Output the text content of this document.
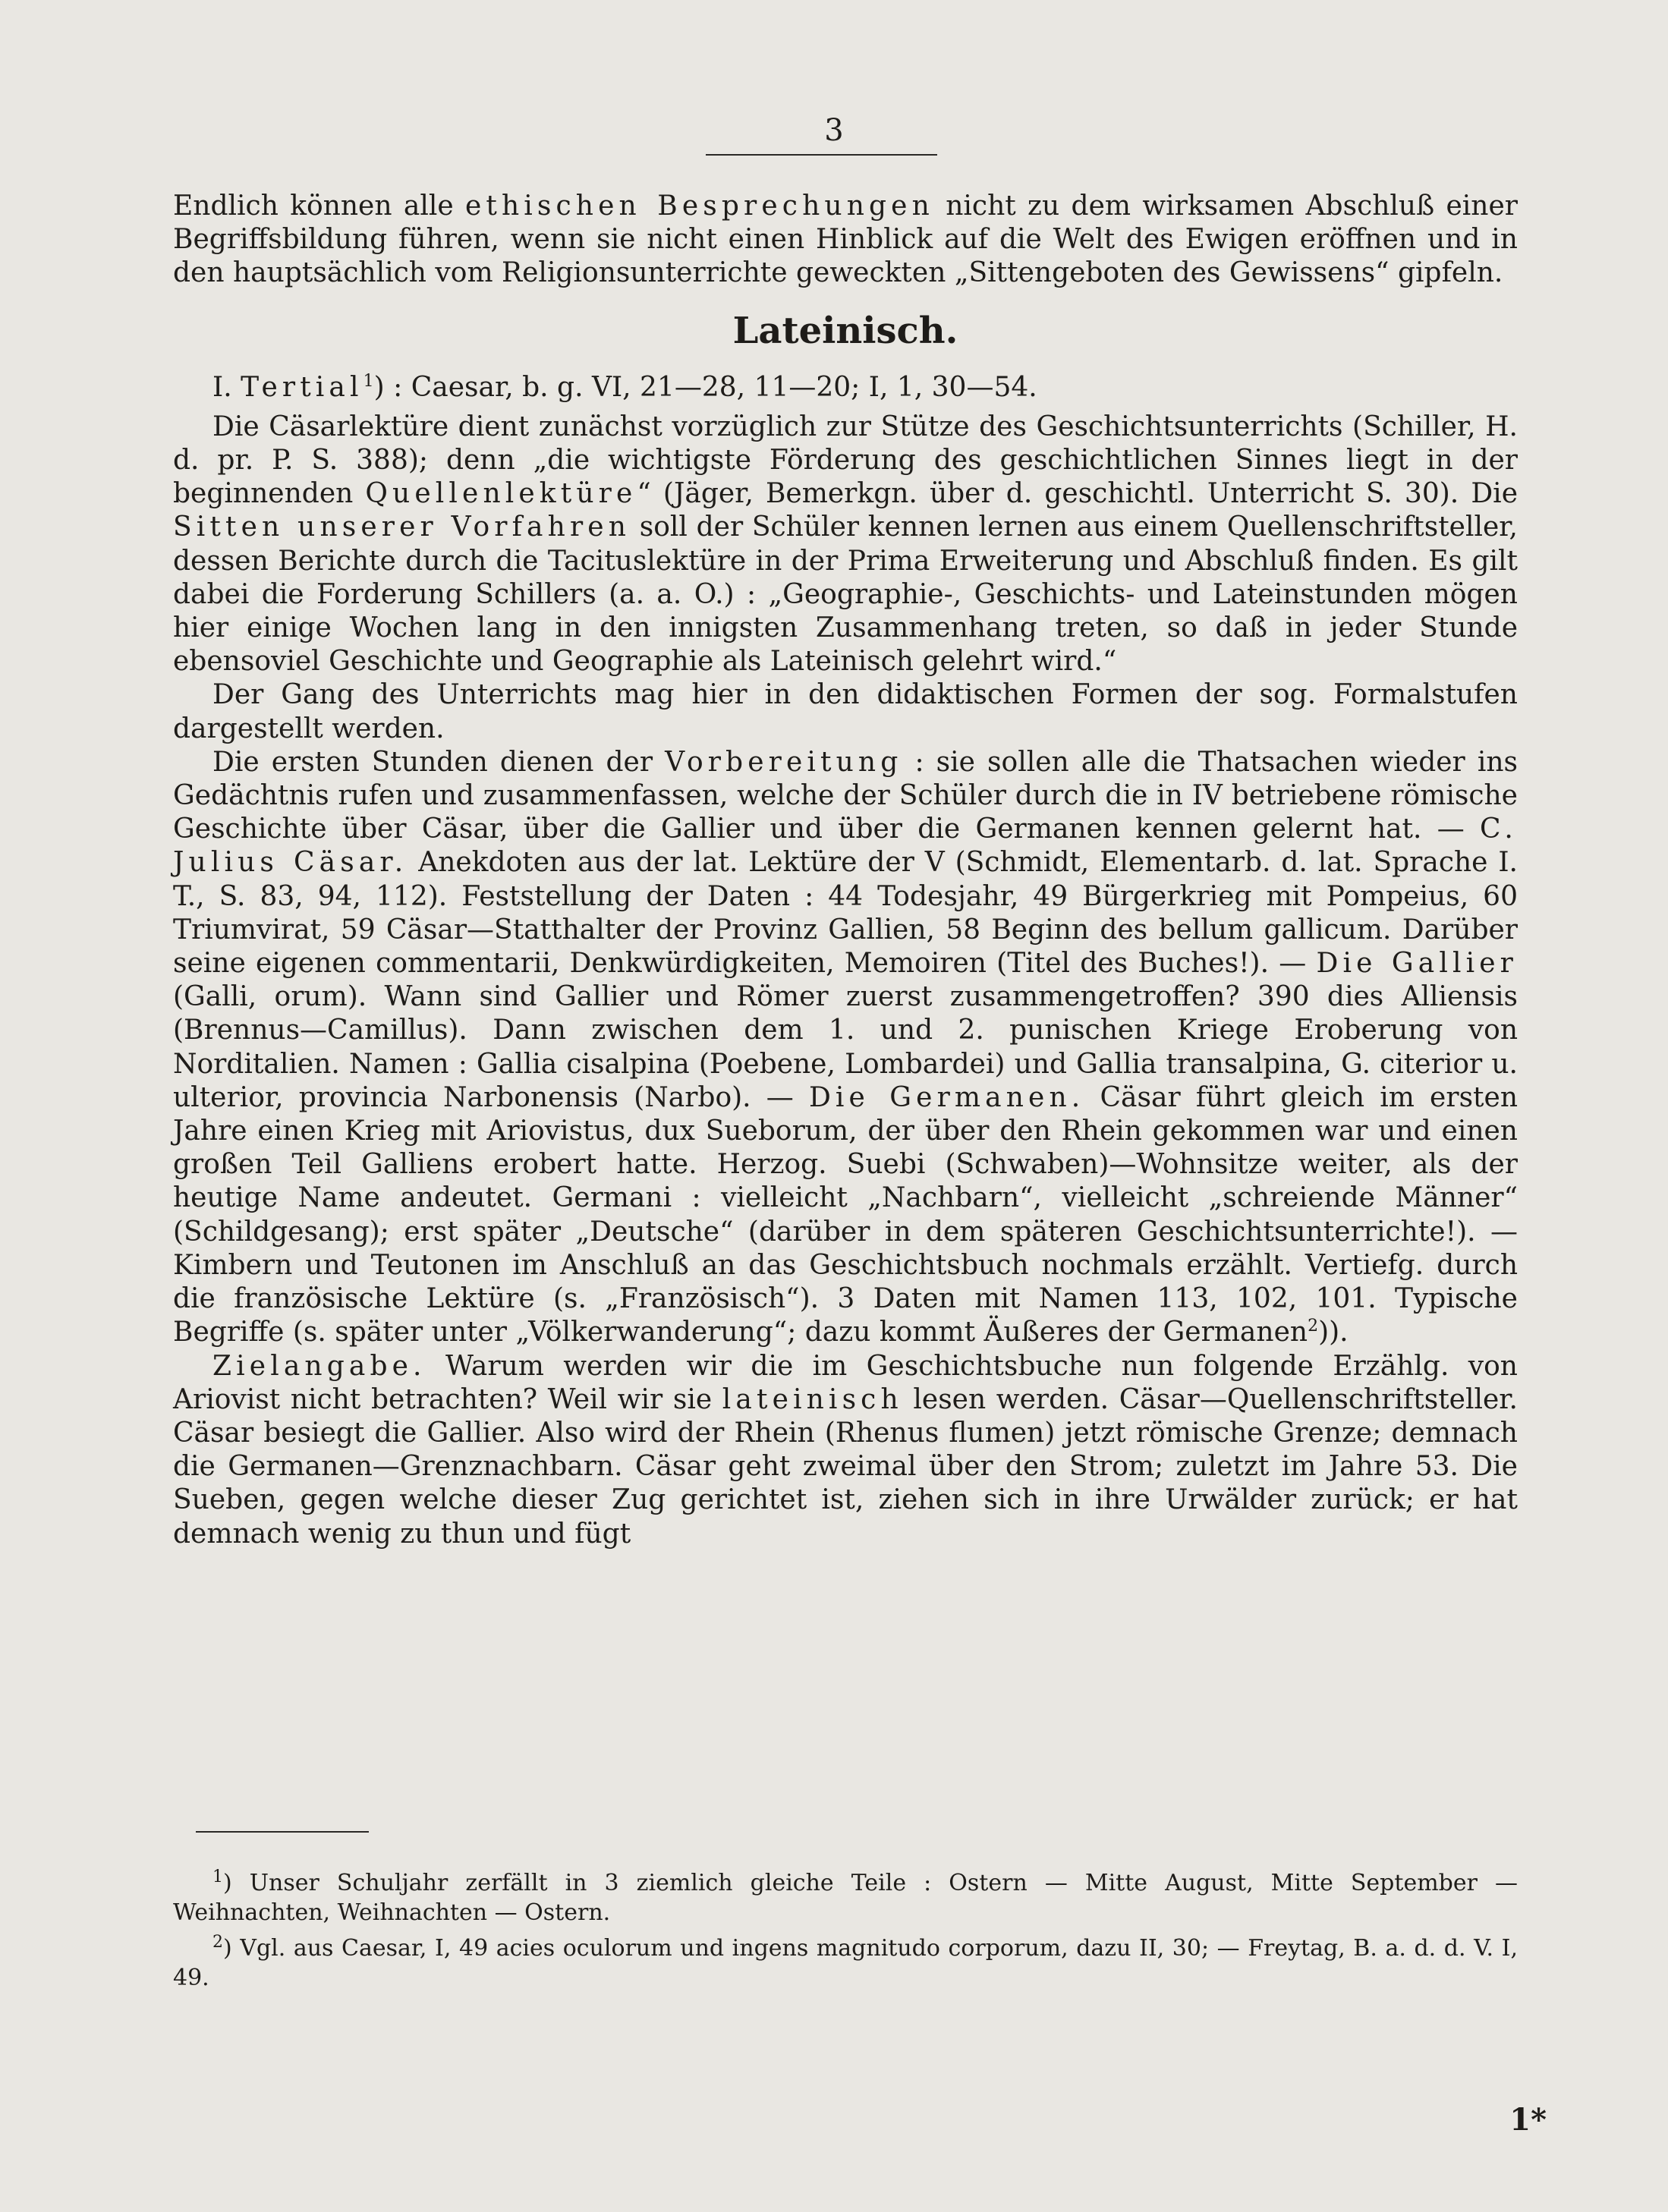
3

Endlich können alle ethischen Besprechungen nicht zu dem wirksamen Abschluß einer Begriffsbildung führen, wenn sie nicht einen Hinblick auf die Welt des Ewigen eröffnen und in den hauptsächlich vom Religionsunterrichte geweckten „Sittengeboten des Gewissens“ gipfeln.

Lateinisch.

I. Tertial$^1$) : Caesar, b. g. VI, 21—28, 11—20; I, 1, 30—54.

Die Cäsarlektüre dient zunächst vorzüglich zur Stütze des Geschichtsunterrichts (Schiller, H. d. pr. P. S. 388); denn „die wichtigste Förderung des geschichtlichen Sinnes liegt in der beginnenden Quellenlektüre“ (Jäger, Bemerkgn. über d. geschichtl. Unterricht S. 30). Die Sitten unserer Vorfahren soll der Schüler kennen lernen aus einem Quellenschriftsteller, dessen Berichte durch die Tacituslektüre in der Prima Erweiterung und Abschluß finden. Es gilt dabei die Forderung Schillers (a. a. O.) : „Geographie-, Geschichts- und Lateinstunden mögen hier einige Wochen lang in den innigsten Zusammenhang treten, so daß in jeder Stunde ebensoviel Geschichte und Geographie als Lateinisch gelehrt wird.“

Der Gang des Unterrichts mag hier in den didaktischen Formen der sog. Formalstufen dargestellt werden.

Die ersten Stunden dienen der Vorbereitung : sie sollen alle die Thatsachen wieder ins Gedächtnis rufen und zusammenfassen, welche der Schüler durch die in IV betriebene römische Geschichte über Cäsar, über die Gallier und über die Germanen kennen gelernt hat. — C. Julius Cäsar. Anekdoten aus der lat. Lektüre der V (Schmidt, Elementarb. d. lat. Sprache I. T., S. 83, 94, 112). Feststellung der Daten : 44 Todesjahr, 49 Bürgerkrieg mit Pompeius, 60 Triumvirat, 59 Cäsar—Statthalter der Provinz Gallien, 58 Beginn des bellum gallicum. Darüber seine eigenen commentarii, Denkwürdigkeiten, Memoiren (Titel des Buches!). — Die Gallier (Galli, orum). Wann sind Gallier und Römer zuerst zusammengetroffen? 390 dies Alliensis (Brennus—Camillus). Dann zwischen dem 1. und 2. punischen Kriege Eroberung von Norditalien. Namen : Gallia cisalpina (Poebene, Lombardei) und Gallia transalpina, G. citerior u. ulterior, provincia Narbonensis (Narbo). — Die Germanen. Cäsar führt gleich im ersten Jahre einen Krieg mit Ariovistus, dux Sueborum, der über den Rhein gekommen war und einen großen Teil Galliens erobert hatte. Herzog. Suebi (Schwaben)—Wohnsitze weiter, als der heutige Name andeutet. Germani : vielleicht „Nachbarn“, vielleicht „schreiende Männer“ (Schildgesang); erst später „Deutsche“ (darüber in dem späteren Geschichtsunterrichte!). — Kimbern und Teutonen im Anschluß an das Geschichtsbuch nochmals erzählt. Vertiefg. durch die französische Lektüre (s. „Französisch“). 3 Daten mit Namen 113, 102, 101. Typische Begriffe (s. später unter „Völkerwanderung“; dazu kommt Äußeres der Germanen$^2$)).

Zielangabe. Warum werden wir die im Geschichtsbuche nun folgende Erzählg. von Ariovist nicht betrachten? Weil wir sie lateinisch lesen werden. Cäsar—Quellenschriftsteller. Cäsar besiegt die Gallier. Also wird der Rhein (Rhenus flumen) jetzt römische Grenze; demnach die Germanen—Grenznachbarn. Cäsar geht zweimal über den Strom; zuletzt im Jahre 53. Die Sueben, gegen welche dieser Zug gerichtet ist, ziehen sich in ihre Urwälder zurück; er hat demnach wenig zu thun und fügt

$^1$) Unser Schuljahr zerfällt in 3 ziemlich gleiche Teile : Ostern — Mitte August, Mitte September — Weihnachten, Weihnachten — Ostern.

$^2$) Vgl. aus Caesar, I, 49 acies oculorum und ingens magnitudo corporum, dazu II, 30; — Freytag, B. a. d. d. V. I, 49.

1*
